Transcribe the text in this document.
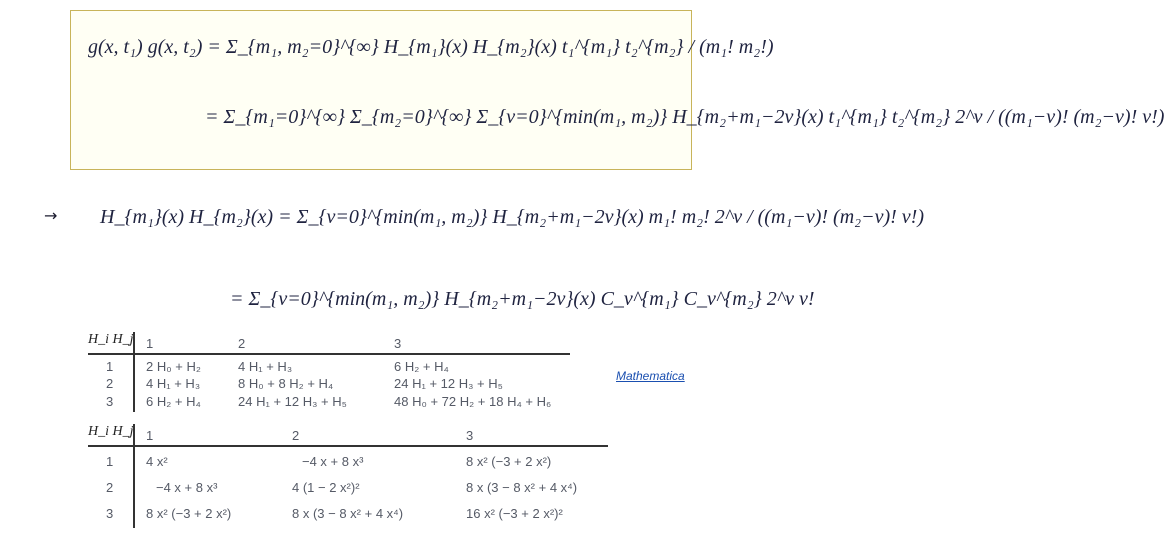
g(x, t₁) g(x, t₂) = Σ_{m₁, m₂=0}^{∞} H_{m₁}(x) H_{m₂}(x) t₁^{m₁} t₂^{m₂} / (m₁! m₂!)
= Σ_{m₁=0}^{∞} Σ_{m₂=0}^{∞} Σ_{ν=0}^{min(m₁, m₂)} H_{m₂+m₁−2ν}(x) t₁^{m₁} t₂^{m₂} 2^ν / ((m₁−ν)! (m₂−ν)! ν!)
→ H_{m₁}(x) H_{m₂}(x) = Σ_{ν=0}^{min(m₁, m₂)} H_{m₂+m₁−2ν}(x) m₁! m₂! 2^ν / ((m₁−ν)! (m₂−ν)! ν!)
= Σ_{ν=0}^{min(m₁, m₂)} H_{m₂+m₁−2ν}(x) C_ν^{m₁} C_ν^{m₂} 2^ν ν!
Mathematica
H_i H_j 1	2	3
1	2 H₀ + H₂	4 H₁ + H₃	6 H₂ + H₄
2	4 H₁ + H₃	8 H₀ + 8 H₂ + H₄	24 H₁ + 12 H₃ + H₅
3	6 H₂ + H₄	24 H₁ + 12 H₃ + H₅	48 H₀ + 72 H₂ + 18 H₄ + H₆
H_i H_j 1	2	3
1	4 x²	−4 x + 8 x³	8 x² (−3 + 2 x²)
2	−4 x + 8 x³	4 (1 − 2 x²)²	8 x (3 − 8 x² + 4 x⁴)
3	8 x² (−3 + 2 x²)	8 x (3 − 8 x² + 4 x⁴)	16 x² (−3 + 2 x²)²
